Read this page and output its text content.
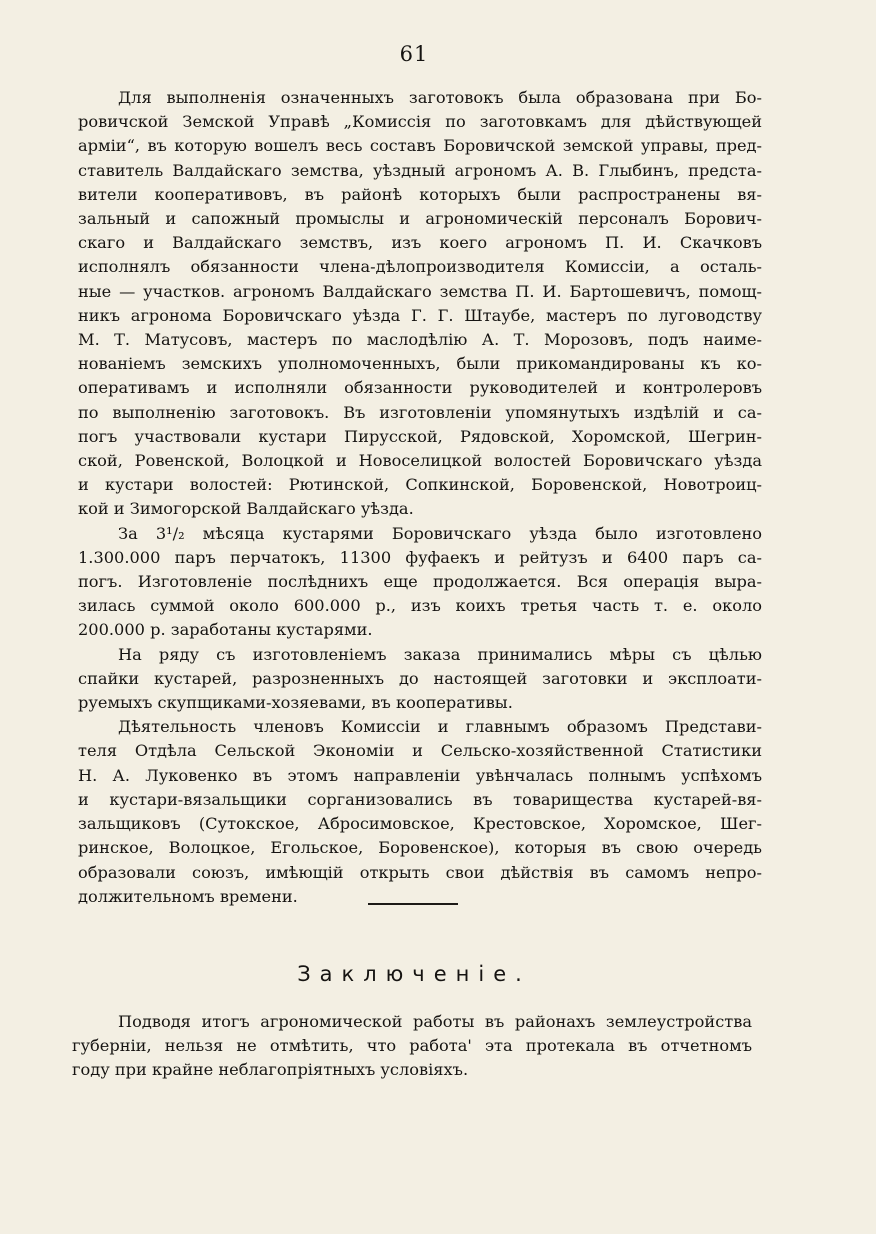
61
Для выполненія означенныхъ заготовокъ была образована при Бо-
ровичской Земской Управѣ „Комиссія по заготовкамъ для дѣйствующей
арміи“, въ которую вошелъ весь составъ Боровичской земской управы, пред-
ставитель Валдайскаго земства, уѣздный агрономъ А. В. Глыбинъ, предста-
вители кооперативовъ, въ районѣ которыхъ были распространены вя-
зальный и сапожный промыслы и агрономическій персоналъ Борович-
скаго и Валдайскаго земствъ, изъ коего агрономъ П. И. Скачковъ
исполнялъ обязанности члена-дѣлопроизводителя Комиссіи, а осталь-
ные — участков. агрономъ Валдайскаго земства П. И. Бартошевичъ, помощ-
никъ агронома Боровичскаго уѣзда Г. Г. Штаубе, мастеръ по луговодству
М. Т. Матусовъ, мастеръ по маслодѣлію А. Т. Морозовъ, подъ наиме-
нованіемъ земскихъ уполномоченныхъ, были прикомандированы къ ко-
оперативамъ и исполняли обязанности руководителей и контролеровъ
по выполненію заготовокъ. Въ изготовленіи упомянутыхъ издѣлій и са-
погъ участвовали кустари Пирусской, Рядовской, Хоромской, Шегрин-
ской, Ровенской, Волоцкой и Новоселицкой волостей Боровичскаго уѣзда
и кустари волостей: Рютинской, Сопкинской, Боровенской, Новотроиц-
кой и Зимогорской Валдайскаго уѣзда.
За 3¹/₂ мѣсяца кустарями Боровичскаго уѣзда было изготовлено
1.300.000 паръ перчатокъ, 11300 фуфаекъ и рейтузъ и 6400 паръ са-
погъ. Изготовленіе послѣднихъ еще продолжается. Вся операція выра-
зилась суммой около 600.000 р., изъ коихъ третья часть т. е. около
200.000 р. заработаны кустарями.
На ряду съ изготовленіемъ заказа принимались мѣры съ цѣлью
спайки кустарей, разрозненныхъ до настоящей заготовки и эксплоати-
руемыхъ скупщиками-хозяевами, въ кооперативы.
Дѣятельность членовъ Комиссіи и главнымъ образомъ Представи-
теля Отдѣла Сельской Экономіи и Сельско-хозяйственной Статистики
Н. А. Луковенко въ этомъ направленіи увѣнчалась полнымъ успѣхомъ
и кустари-вязальщики сорганизовались въ товарищества кустарей-вя-
зальщиковъ (Сутокское, Абросимовское, Крестовское, Хоромское, Шег-
ринское, Волоцкое, Егольское, Боровенское), которыя въ свою очередь
образовали союзъ, имѣющій открыть свои дѣйствія въ самомъ непро-
должительномъ времени.
Заключеніе.
Подводя итогъ агрономической работы въ районахъ землеустройства
губерніи, нельзя не отмѣтить, что работа' эта протекала въ отчетномъ
году при крайне неблагопріятныхъ условіяхъ.
